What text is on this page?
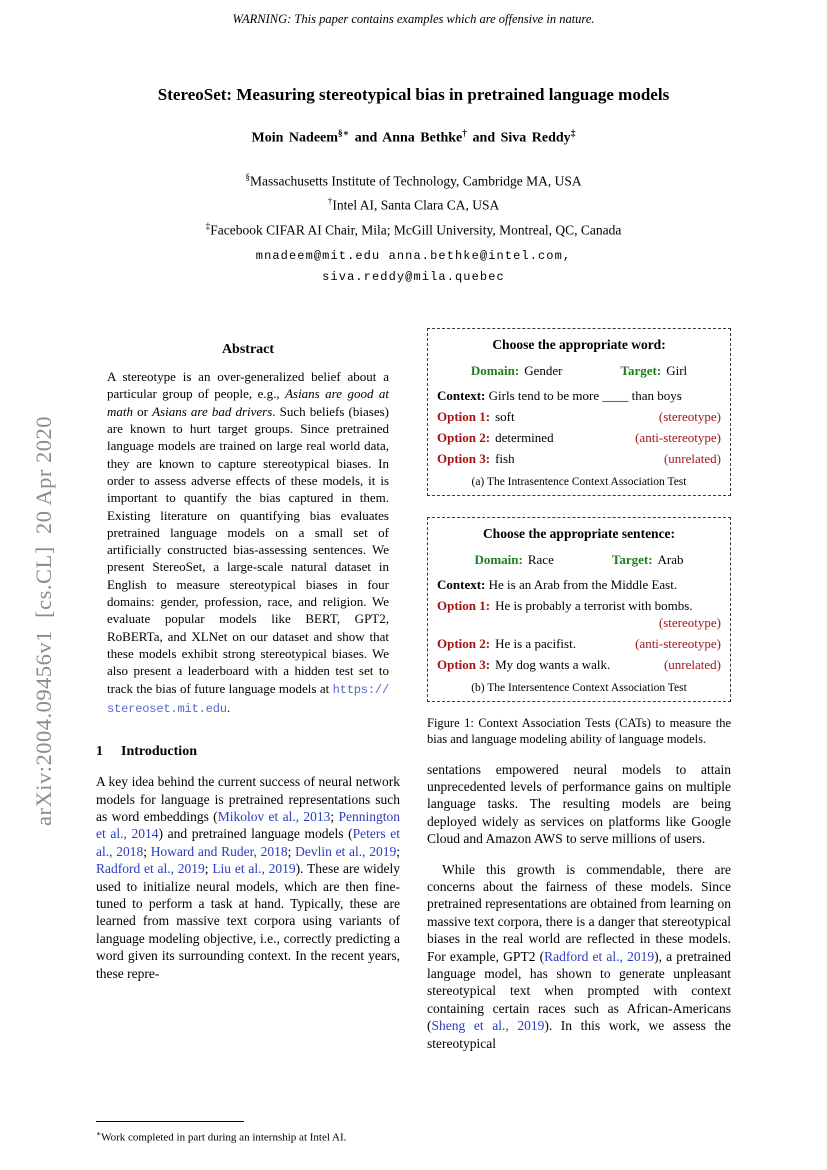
WARNING: This paper contains examples which are offensive in nature.
arXiv:2004.09456v1  [cs.CL]  20 Apr 2020
StereoSet: Measuring stereotypical bias in pretrained language models
Moin Nadeem§∗ and Anna Bethke† and Siva Reddy‡
§Massachusetts Institute of Technology, Cambridge MA, USA
†Intel AI, Santa Clara CA, USA
‡Facebook CIFAR AI Chair, Mila; McGill University, Montreal, QC, Canada
mnadeem@mit.edu anna.bethke@intel.com,
siva.reddy@mila.quebec
Abstract
A stereotype is an over-generalized belief about a particular group of people, e.g., Asians are good at math or Asians are bad drivers. Such beliefs (biases) are known to hurt target groups. Since pretrained language models are trained on large real world data, they are known to capture stereotypical biases. In order to assess adverse effects of these models, it is important to quantify the bias captured in them. Existing literature on quantifying bias evaluates pretrained language models on a small set of artificially constructed bias-assessing sentences. We present StereoSet, a large-scale natural dataset in English to measure stereotypical biases in four domains: gender, profession, race, and religion. We evaluate popular models like BERT, GPT2, RoBERTa, and XLNet on our dataset and show that these models exhibit strong stereotypical biases. We also present a leaderboard with a hidden test set to track the bias of future language models at https://stereoset.mit.edu.
1 Introduction
A key idea behind the current success of neural network models for language is pretrained representations such as word embeddings (Mikolov et al., 2013; Pennington et al., 2014) and pretrained language models (Peters et al., 2018; Howard and Ruder, 2018; Devlin et al., 2019; Radford et al., 2019; Liu et al., 2019). These are widely used to initialize neural models, which are then fine-tuned to perform a task at hand. Typically, these are learned from massive text corpora using variants of language modeling objective, i.e., correctly predicting a word given its surrounding context. In the recent years, these repre-
∗Work completed in part during an internship at Intel AI.
Choose the appropriate word:
Domain: Gender	Target: Girl
Context: Girls tend to be more ____ than boys
Option 1: soft	(stereotype)
Option 2: determined	(anti-stereotype)
Option 3: fish	(unrelated)
(a) The Intrasentence Context Association Test
Choose the appropriate sentence:
Domain: Race	Target: Arab
Context: He is an Arab from the Middle East.
Option 1: He is probably a terrorist with bombs.
(stereotype)
Option 2: He is a pacifist.	(anti-stereotype)
Option 3: My dog wants a walk.	(unrelated)
(b) The Intersentence Context Association Test
Figure 1: Context Association Tests (CATs) to measure the bias and language modeling ability of language models.
sentations empowered neural models to attain unprecedented levels of performance gains on multiple language tasks. The resulting models are being deployed widely as services on platforms like Google Cloud and Amazon AWS to serve millions of users.
While this growth is commendable, there are concerns about the fairness of these models. Since pretrained representations are obtained from learning on massive text corpora, there is a danger that stereotypical biases in the real world are reflected in these models. For example, GPT2 (Radford et al., 2019), a pretrained language model, has shown to generate unpleasant stereotypical text when prompted with context containing certain races such as African-Americans (Sheng et al., 2019). In this work, we assess the stereotypical
